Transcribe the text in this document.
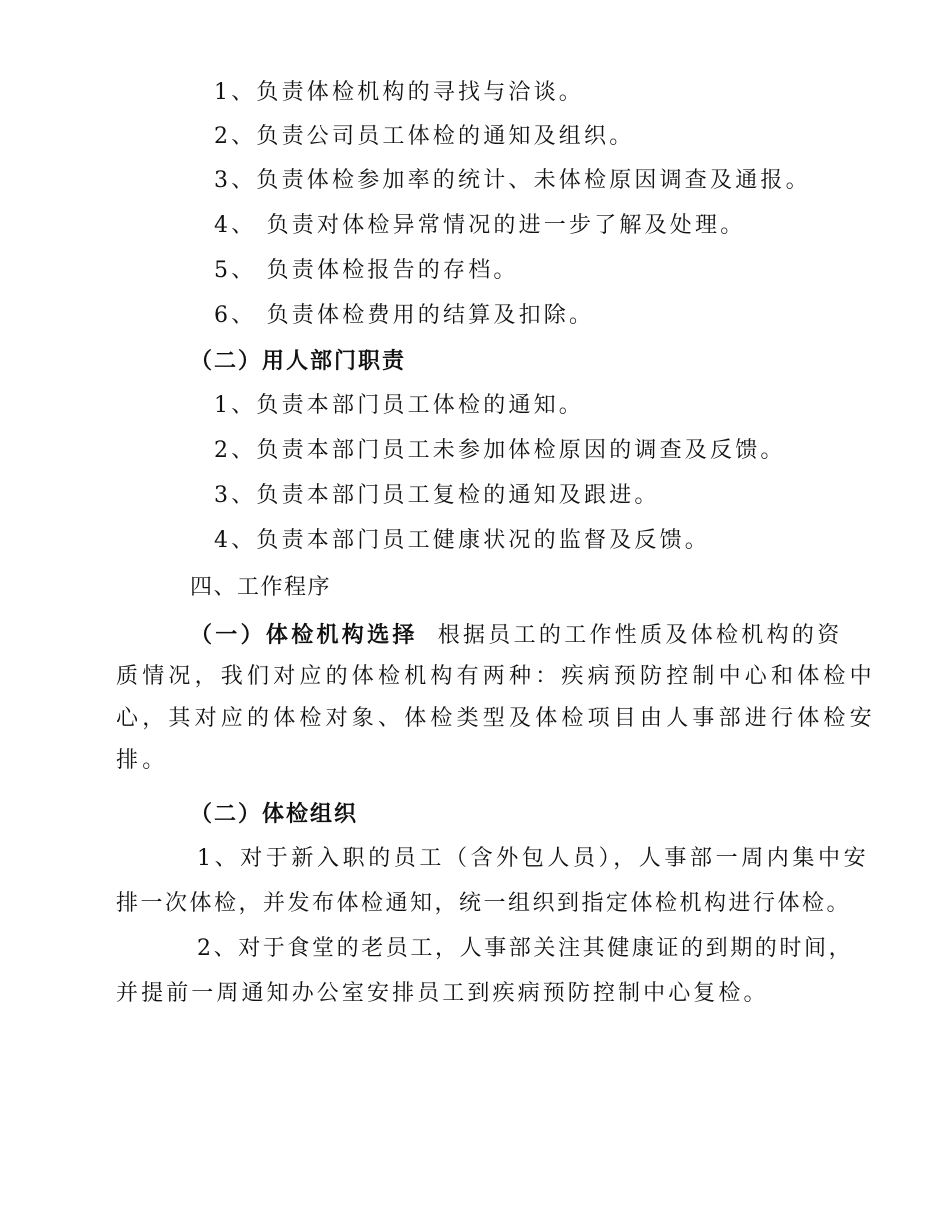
1、负责体检机构的寻找与洽谈。
2、负责公司员工体检的通知及组织。
3、负责体检参加率的统计、未体检原因调查及通报。
4、 负责对体检异常情况的进一步了解及处理。
5、 负责体检报告的存档。
6、 负责体检费用的结算及扣除。
（二）用人部门职责
1、负责本部门员工体检的通知。
2、负责本部门员工未参加体检原因的调查及反馈。
3、负责本部门员工复检的通知及跟进。
4、负责本部门员工健康状况的监督及反馈。
四、工作程序
（一）体检机构选择 根据员工的工作性质及体检机构的资
质情况，我们对应的体检机构有两种：疾病预防控制中心和体检中
心，其对应的体检对象、体检类型及体检项目由人事部进行体检安
排。
（二）体检组织
1、对于新入职的员工（含外包人员），人事部一周内集中安
排一次体检，并发布体检通知，统一组织到指定体检机构进行体检。
2、对于食堂的老员工，人事部关注其健康证的到期的时间，
并提前一周通知办公室安排员工到疾病预防控制中心复检。
